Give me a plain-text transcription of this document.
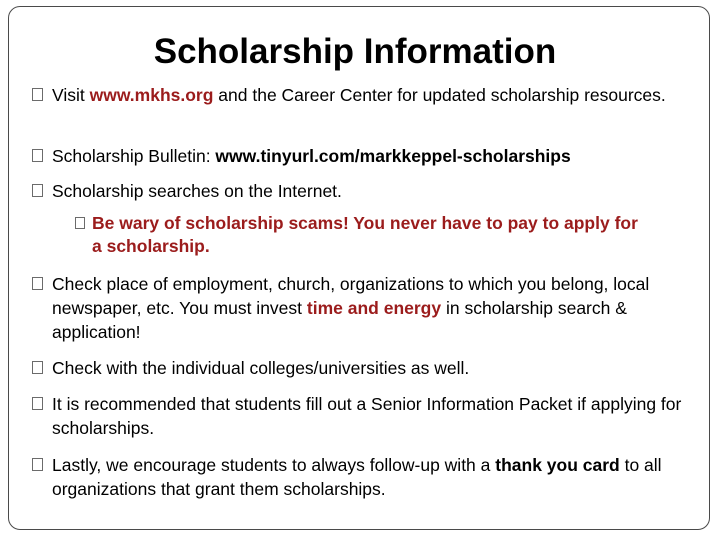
Scholarship Information
Visit www.mkhs.org and the Career Center for updated scholarship resources.
Scholarship Bulletin: www.tinyurl.com/markkeppel-scholarships
Scholarship searches on the Internet.
Be wary of scholarship scams! You never have to pay to apply for a scholarship.
Check place of employment, church, organizations to which you belong, local newspaper, etc. You must invest time and energy in scholarship search & application!
Check with the individual colleges/universities as well.
It is recommended that students fill out a Senior Information Packet if applying for scholarships.
Lastly, we encourage students to always follow-up with a thank you card to all organizations that grant them scholarships.
